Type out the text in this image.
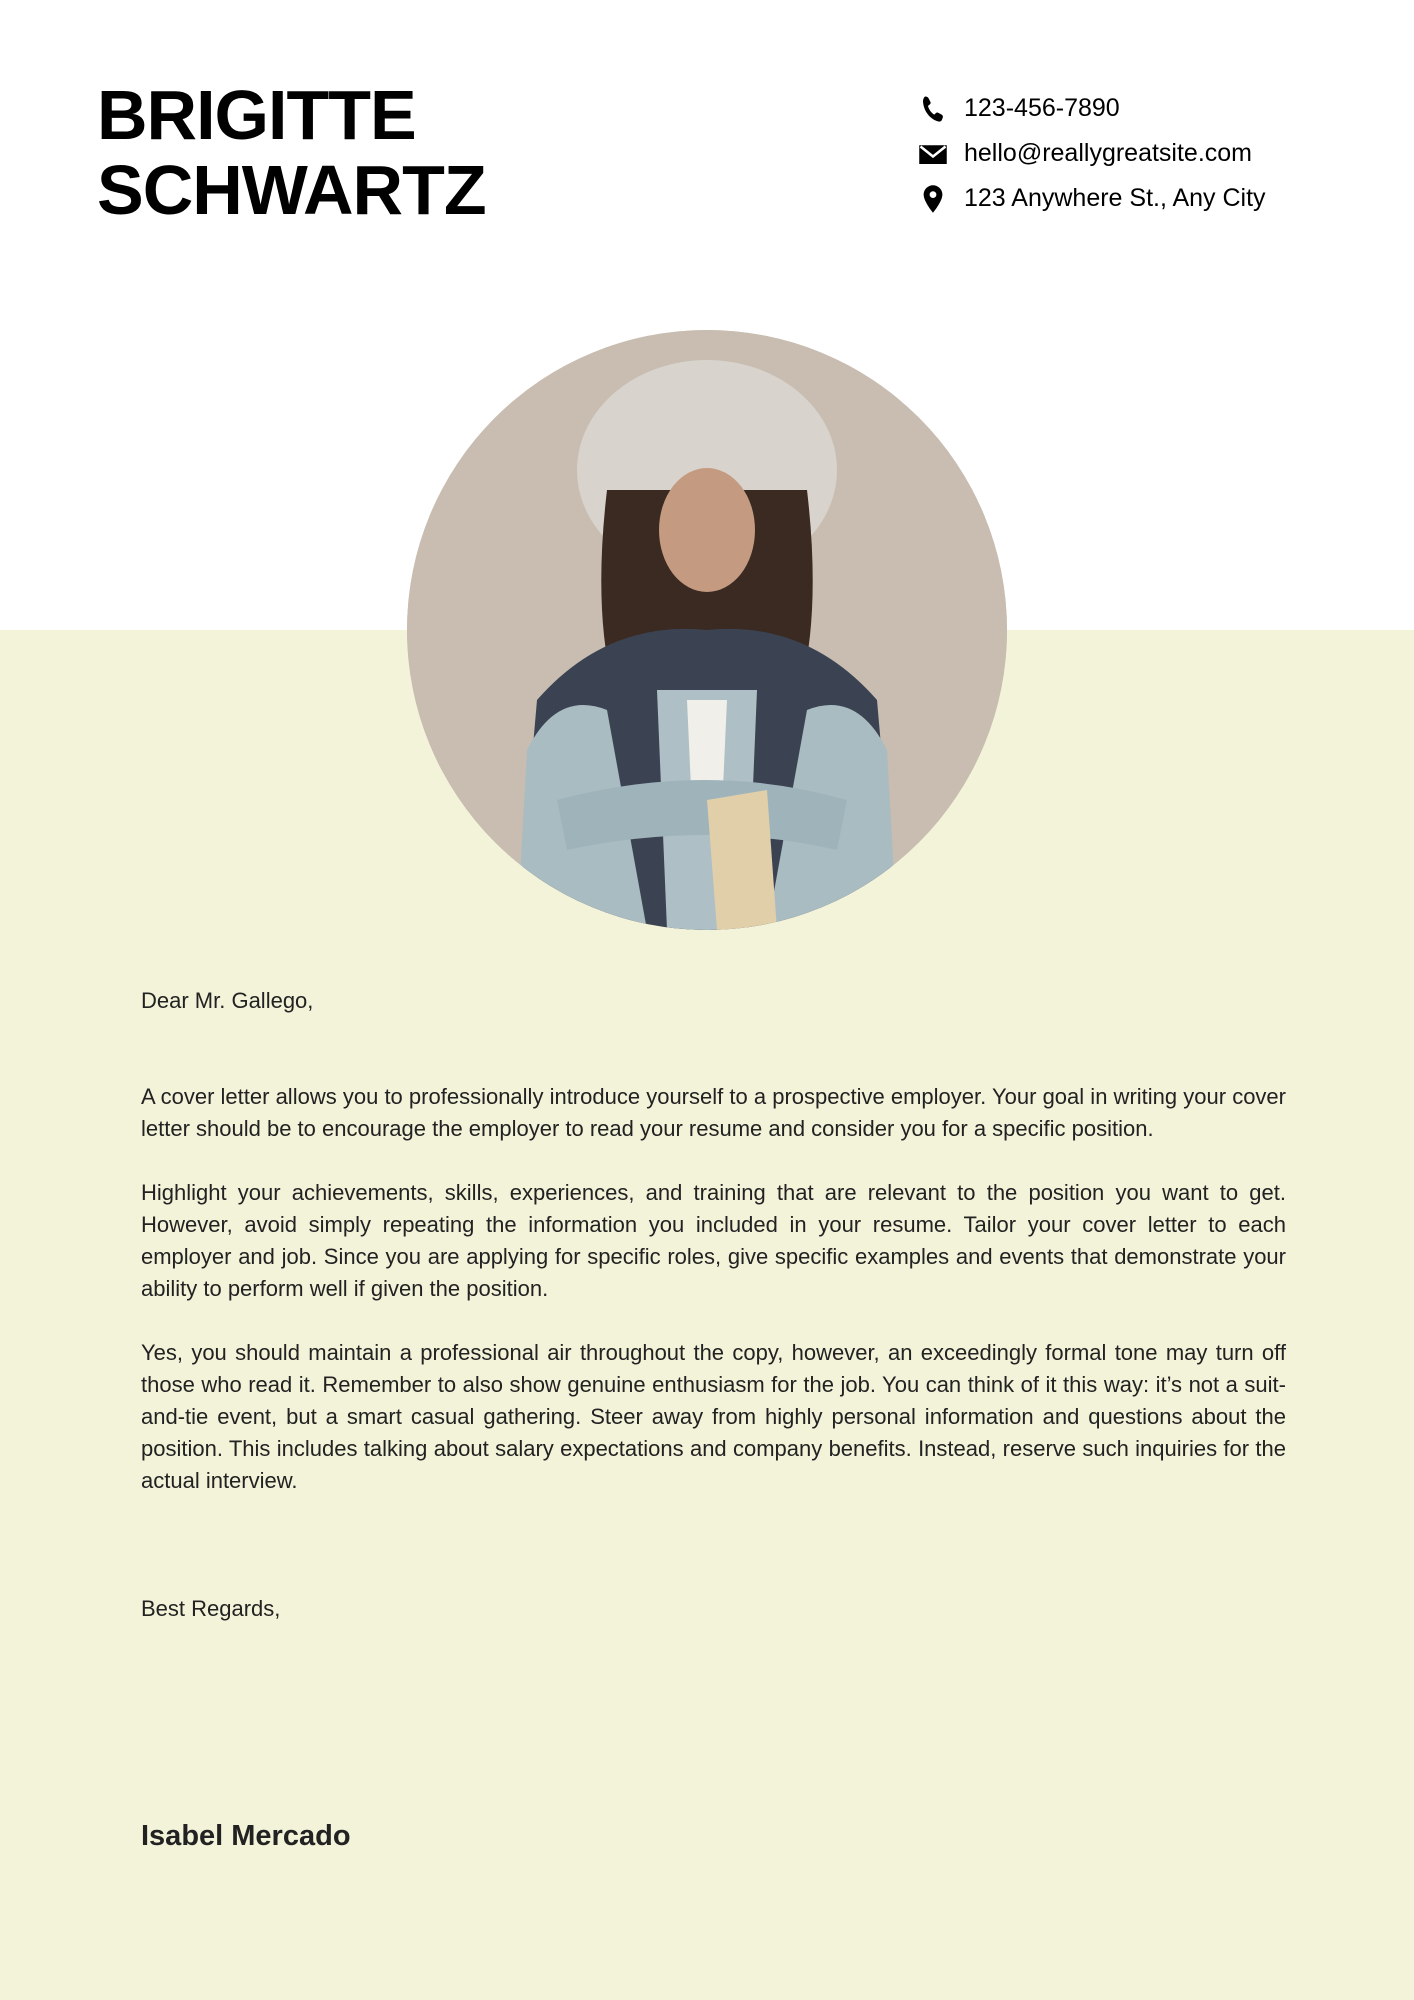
BRIGITTE
SCHWARTZ
123-456-7890
hello@reallygreatsite.com
123 Anywhere St., Any City

Dear Mr. Gallego,

A cover letter allows you to professionally introduce yourself to a prospective employer. Your goal in writing your cover letter should be to encourage the employer to read your resume and consider you for a specific position.

Highlight your achievements, skills, experiences, and training that are relevant to the position you want to get. However, avoid simply repeating the information you included in your resume. Tailor your cover letter to each employer and job. Since you are applying for specific roles, give specific examples and events that demonstrate your ability to perform well if given the position.

Yes, you should maintain a professional air throughout the copy, however, an exceedingly formal tone may turn off those who read it. Remember to also show genuine enthusiasm for the job. You can think of it this way: it’s not a suit-and-tie event, but a smart casual gathering. Steer away from highly personal information and questions about the position. This includes talking about salary expectations and company benefits. Instead, reserve such inquiries for the actual interview.

Best Regards,

Isabel Mercado
